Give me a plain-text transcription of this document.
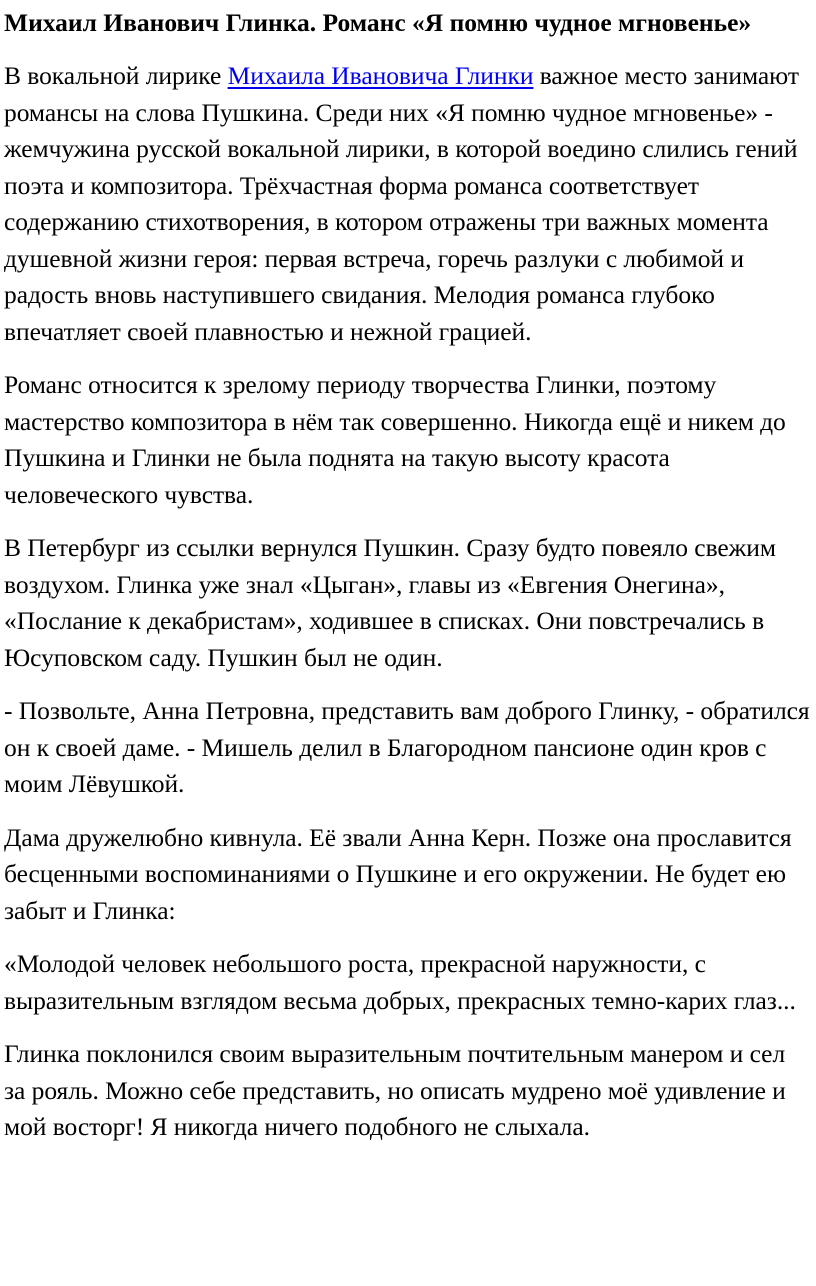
Михаил Иванович Глинка. Романс «Я помню чудное мгновенье»

В вокальной лирике Михаила Ивановича Глинки важное место занимают романсы на слова Пушкина. Среди них «Я помню чудное мгновенье» - жемчужина русской вокальной лирики, в которой воедино слились гений поэта и композитора. Трёхчастная форма романса соответствует содержанию стихотворения, в котором отражены три важных момента душевной жизни героя: первая встреча, горечь разлуки с любимой и радость вновь наступившего свидания. Мелодия романса глубоко впечатляет своей плавностью и нежной грацией.

Романс относится к зрелому периоду творчества Глинки, поэтому мастерство композитора в нём так совершенно. Никогда ещё и никем до Пушкина и Глинки не была поднята на такую высоту красота человеческого чувства.

В Петербург из ссылки вернулся Пушкин. Сразу будто повеяло свежим воздухом. Глинка уже знал «Цыган», главы из «Евгения Онегина», «Послание к декабристам», ходившее в списках. Они повстречались в Юсуповском саду. Пушкин был не один.

- Позвольте, Анна Петровна, представить вам доброго Глинку, - обратился он к своей даме. - Мишель делил в Благородном пансионе один кров с моим Лёвушкой.

Дама дружелюбно кивнула. Её звали Анна Керн. Позже она прославится бесценными воспоминаниями о Пушкине и его окружении. Не будет ею забыт и Глинка:

«Молодой человек небольшого роста, прекрасной наружности, с выразительным взглядом весьма добрых, прекрасных темно-карих глаз...

Глинка поклонился своим выразительным почтительным манером и сел за рояль. Можно себе представить, но описать мудрено моё удивление и мой восторг! Я никогда ничего подобного не слыхала.
